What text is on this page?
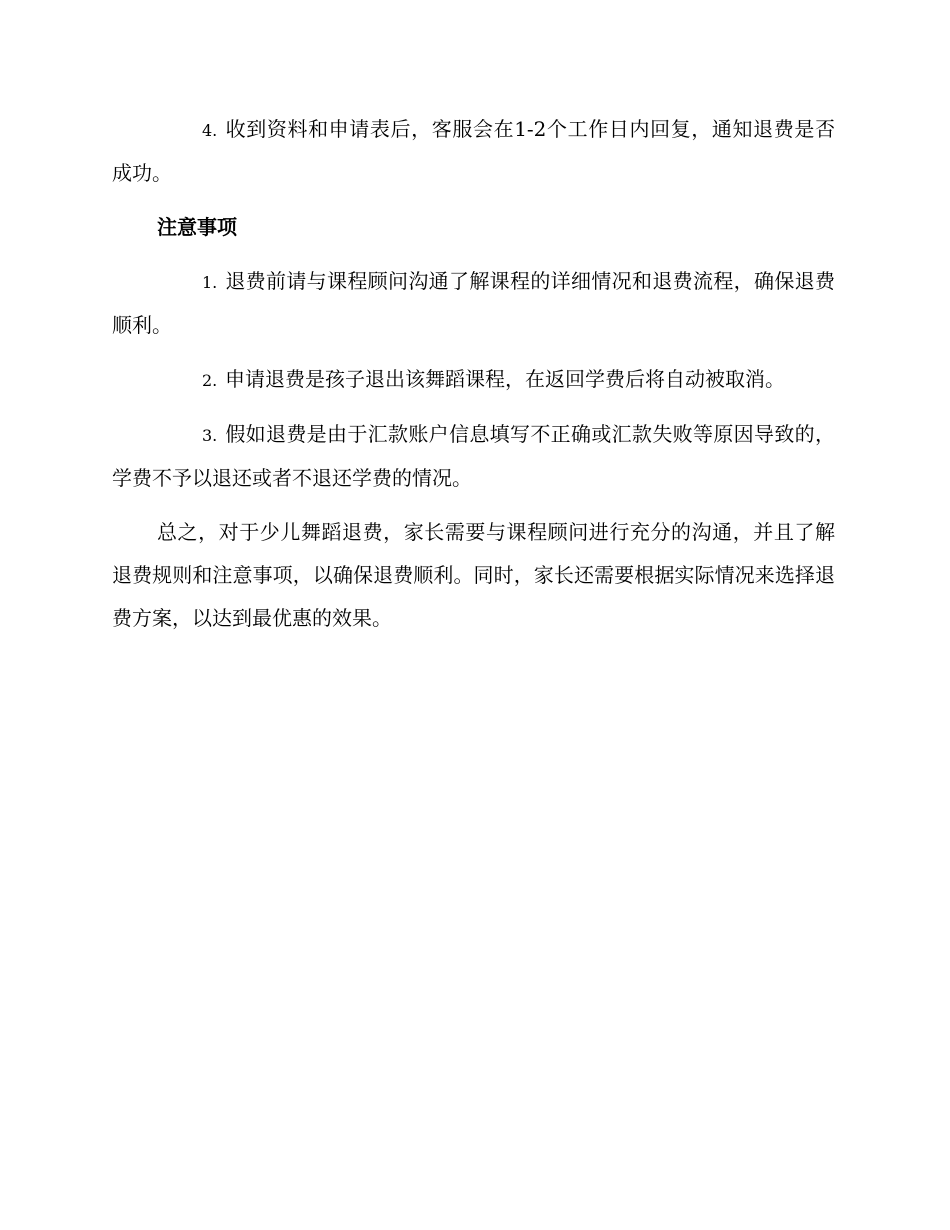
4. 收到资料和申请表后，客服会在1-2个工作日内回复，通知退费是否成功。

注意事项

1. 退费前请与课程顾问沟通了解课程的详细情况和退费流程，确保退费顺利。

2. 申请退费是孩子退出该舞蹈课程，在返回学费后将自动被取消。

3. 假如退费是由于汇款账户信息填写不正确或汇款失败等原因导致的，学费不予以退还或者不退还学费的情况。

总之，对于少儿舞蹈退费，家长需要与课程顾问进行充分的沟通，并且了解退费规则和注意事项，以确保退费顺利。同时，家长还需要根据实际情况来选择退费方案，以达到最优惠的效果。
